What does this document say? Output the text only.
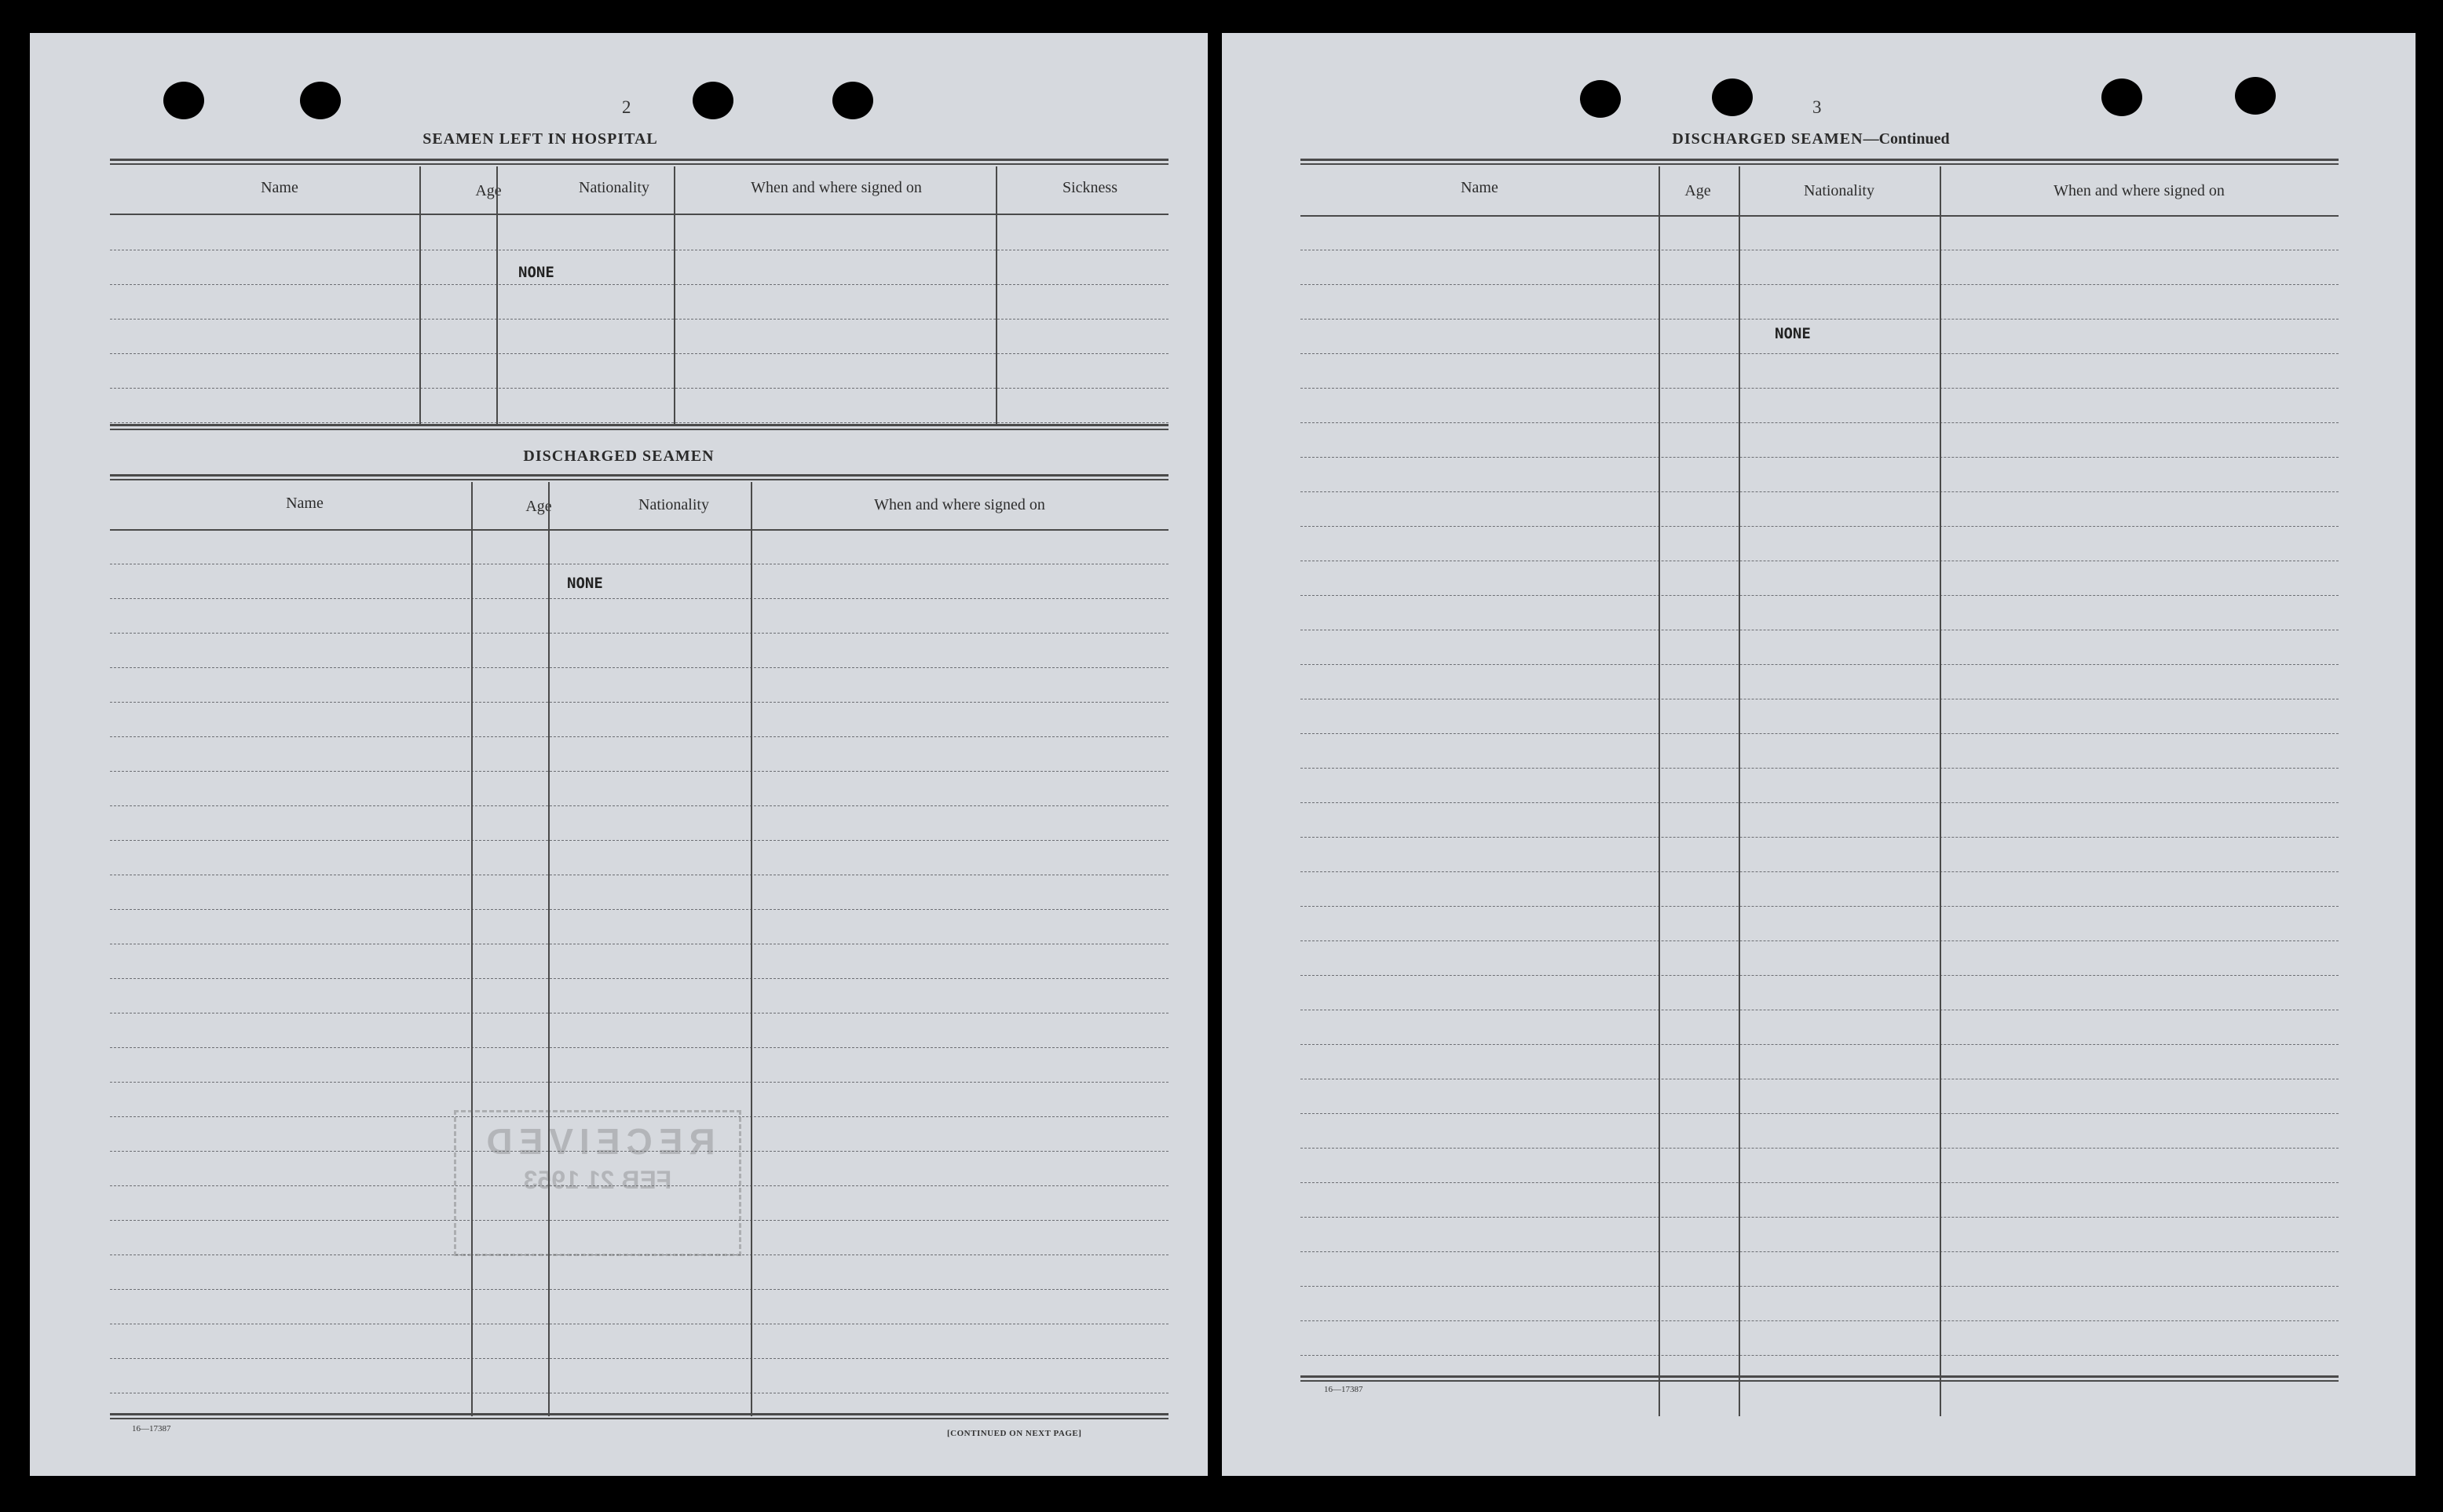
2
SEAMEN LEFT IN HOSPITAL
Name	Age	Nationality	When and where signed on	Sickness
NONE
DISCHARGED SEAMEN
Name	Age	Nationality	When and where signed on
NONE
RECEIVED
FEB 21 1953
16—17387	[CONTINUED ON NEXT PAGE]
3
DISCHARGED SEAMEN—Continued
Name	Age	Nationality	When and where signed on
NONE
16—17387
